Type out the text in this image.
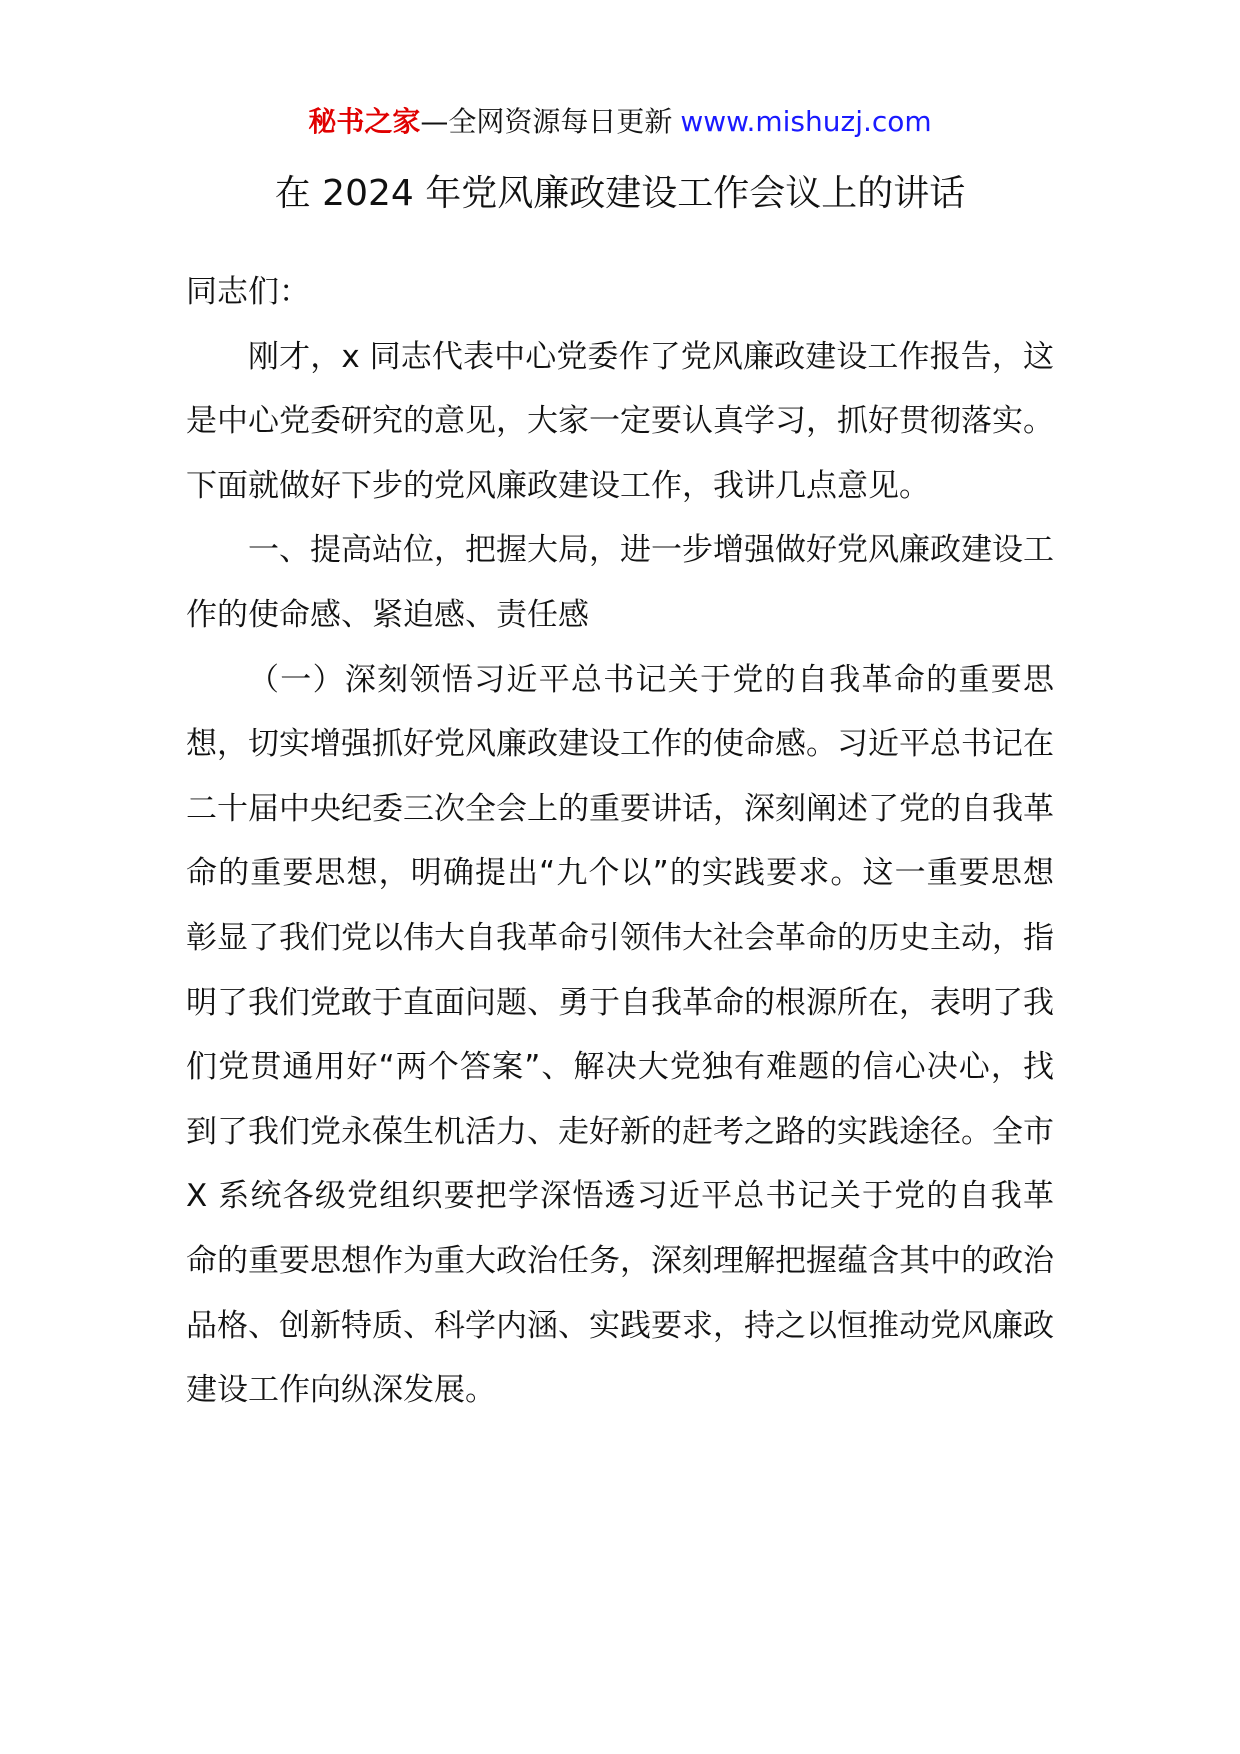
秘书之家—全网资源每日更新 www.mishuzj.com
在 2024 年党风廉政建设工作会议上的讲话

同志们：

刚才，x 同志代表中心党委作了党风廉政建设工作报告，这是中心党委研究的意见，大家一定要认真学习，抓好贯彻落实。下面就做好下步的党风廉政建设工作，我讲几点意见。

一、提高站位，把握大局，进一步增强做好党风廉政建设工作的使命感、紧迫感、责任感

（一）深刻领悟习近平总书记关于党的自我革命的重要思想，切实增强抓好党风廉政建设工作的使命感。习近平总书记在二十届中央纪委三次全会上的重要讲话，深刻阐述了党的自我革命的重要思想，明确提出“九个以”的实践要求。这一重要思想彰显了我们党以伟大自我革命引领伟大社会革命的历史主动，指明了我们党敢于直面问题、勇于自我革命的根源所在，表明了我们党贯通用好“两个答案”、解决大党独有难题的信心决心，找到了我们党永葆生机活力、走好新的赶考之路的实践途径。全市 X 系统各级党组织要把学深悟透习近平总书记关于党的自我革命的重要思想作为重大政治任务，深刻理解把握蕴含其中的政治品格、创新特质、科学内涵、实践要求，持之以恒推动党风廉政建设工作向纵深发展。
